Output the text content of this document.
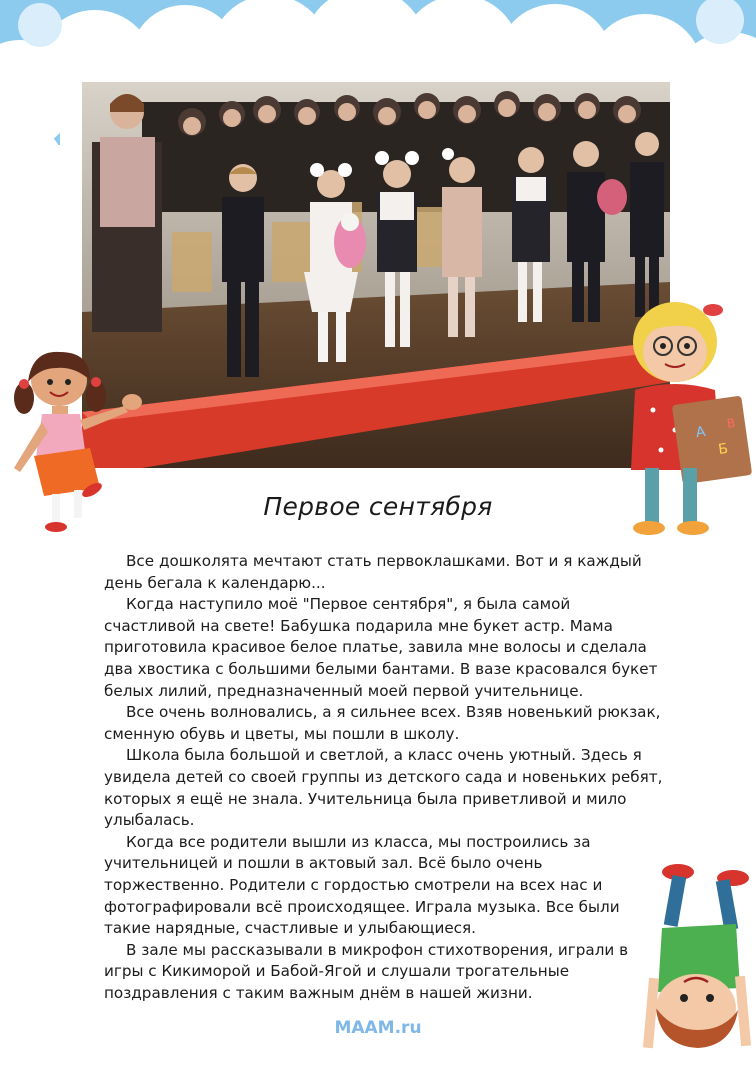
А
Б
В
Первое сентября

Все дошколята мечтают стать первоклашками. Вот и я каждый день бегала к календарю...

Когда наступило моё "Первое сентября", я была самой счастливой на свете! Бабушка подарила мне букет астр. Мама приготовила красивое белое платье, завила мне волосы и сделала два хвостика с большими белыми бантами. В вазе красовался букет белых лилий, предназначенный моей первой учительнице.

Все очень волновались, а я сильнее всех. Взяв новенький рюкзак, сменную обувь и цветы, мы пошли в школу.

Школа была большой и светлой, а класс очень уютный. Здесь я увидела детей со своей группы из детского сада и новеньких ребят, которых я ещё не знала. Учительница была приветливой и мило улыбалась.

Когда все родители вышли из класса, мы построились за учительницей и пошли в актовый зал. Всё было очень торжественно. Родители с гордостью смотрели на всех нас и фотографировали всё происходящее. Играла музыка. Все были такие нарядные, счастливые и улыбающиеся.

В зале мы рассказывали в микрофон стихотворения, играли в игры с Кикиморой и Бабой-Ягой и слушали трогательные поздравления с таким важным днём в нашей жизни.

MAAM.ru
